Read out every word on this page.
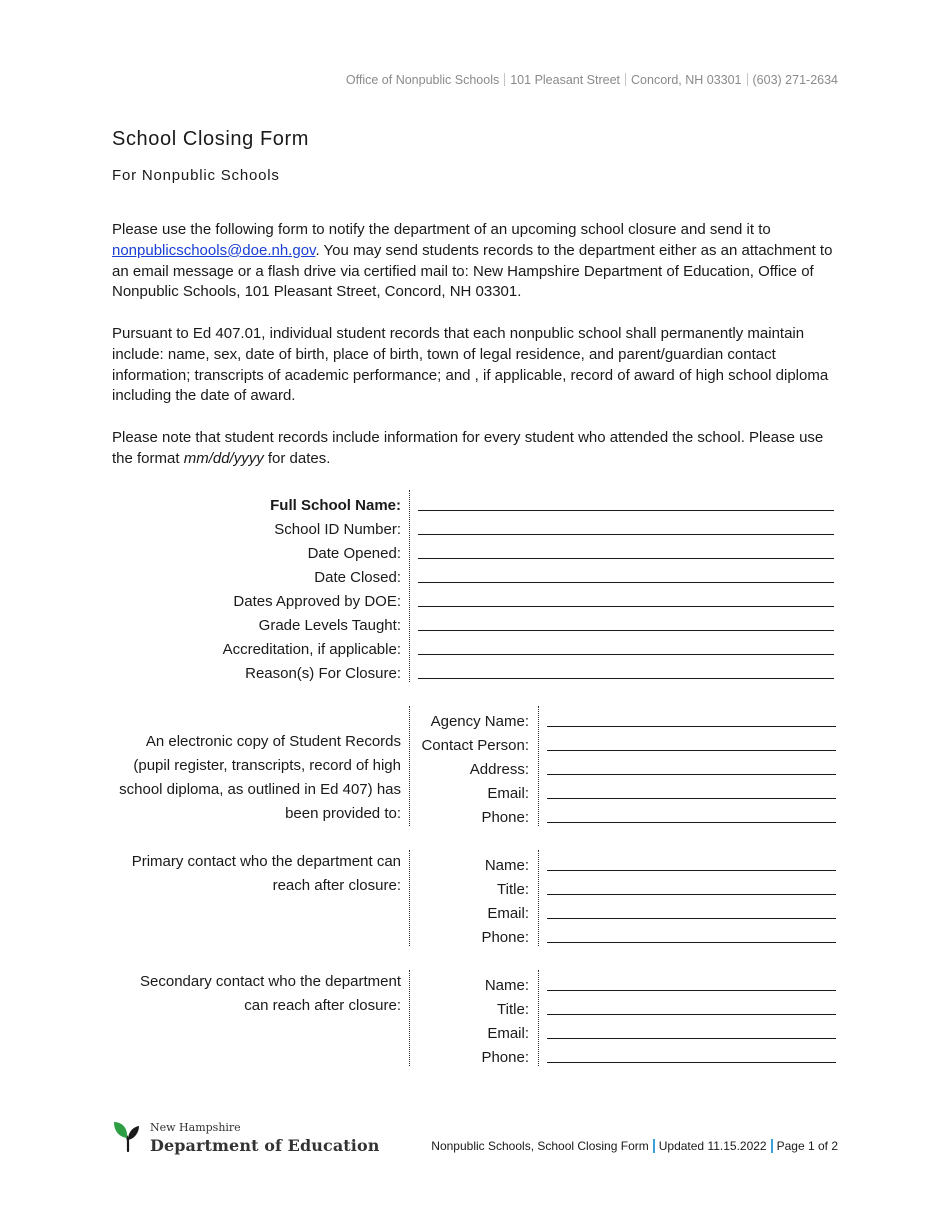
Office of Nonpublic Schools 101 Pleasant Street Concord, NH 03301 (603) 271-2634
School Closing Form
For Nonpublic Schools
Please use the following form to notify the department of an upcoming school closure and send it to nonpublicschools@doe.nh.gov. You may send students records to the department either as an attachment to an email message or a flash drive via certified mail to: New Hampshire Department of Education, Office of Nonpublic Schools, 101 Pleasant Street, Concord, NH 03301.
Pursuant to Ed 407.01, individual student records that each nonpublic school shall permanently maintain include: name, sex, date of birth, place of birth, town of legal residence, and parent/guardian contact information; transcripts of academic performance; and , if applicable, record of award of high school diploma including the date of award.
Please note that student records include information for every student who attended the school. Please use the format mm/dd/yyyy for dates.
Full School Name:
School ID Number:
Date Opened:
Date Closed:
Dates Approved by DOE:
Grade Levels Taught:
Accreditation, if applicable:
Reason(s) For Closure:
An electronic copy of Student Records (pupil register, transcripts, record of high school diploma, as outlined in Ed 407) has been provided to:
Agency Name:
Contact Person:
Address:
Email:
Phone:
Primary contact who the department can reach after closure:
Name:
Title:
Email:
Phone:
Secondary contact who the department can reach after closure:
Name:
Title:
Email:
Phone:
New Hampshire
Department of Education	Nonpublic Schools, School Closing Form Updated 11.15.2022 Page 1 of 2
